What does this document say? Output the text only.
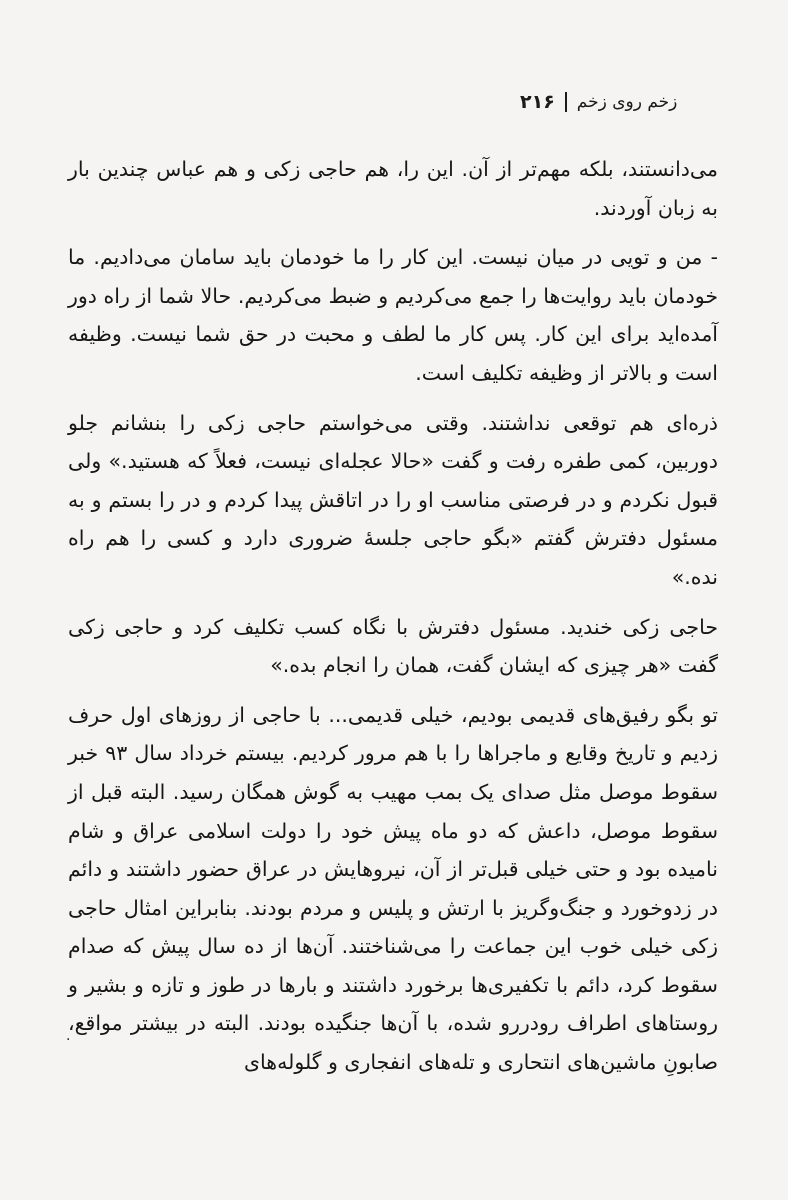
۲۱۶ زخم روی زخم

می‌دانستند، بلکه مهم‌تر از آن. این را، هم حاجی زکی و هم عباس چندین بار به زبان آوردند.

- من و تویی در میان نیست. این کار را ما خودمان باید سامان می‌دادیم. ما خودمان باید روایت‌ها را جمع می‌کردیم و ضبط می‌کردیم. حالا شما از راه دور آمده‌اید برای این کار. پس کار ما لطف و محبت در حق شما نیست. وظیفه است و بالاتر از وظیفه تکلیف است.

ذره‌ای هم توقعی نداشتند. وقتی می‌خواستم حاجی زکی را بنشانم جلو دوربین، کمی طفره رفت و گفت «حالا عجله‌ای نیست، فعلاً که هستید.» ولی قبول نکردم و در فرصتی مناسب او را در اتاقش پیدا کردم و در را بستم و به مسئول دفترش گفتم «بگو حاجی جلسهٔ ضروری دارد و کسی را هم راه نده.»

حاجی زکی خندید. مسئول دفترش با نگاه کسب تکلیف کرد و حاجی زکی گفت «هر چیزی که ایشان گفت، همان را انجام بده.»

تو بگو رفیق‌های قدیمی بودیم، خیلی قدیمی... با حاجی از روزهای اول حرف زدیم و تاریخ وقایع و ماجراها را با هم مرور کردیم. بیستم خرداد سال ۹۳ خبر سقوط موصل مثل صدای یک بمب مهیب به گوش همگان رسید. البته قبل از سقوط موصل، داعش که دو ماه پیش خود را دولت اسلامی عراق و شام نامیده بود و حتی خیلی قبل‌تر از آن، نیروهایش در عراق حضور داشتند و دائم در زدوخورد و جنگ‌وگریز با ارتش و پلیس و مردم بودند. بنابراین امثال حاجی زکی خیلی خوب این جماعت را می‌شناختند. آن‌ها از ده سال پیش که صدام سقوط کرد، دائم با تکفیری‌ها برخورد داشتند و بارها در طوز و تازه و بشیر و روستاهای اطراف رودررو شده، با آن‌ها جنگیده بودند. البته در بیشتر مواقع، صابونِ ماشین‌های انتحاری و تله‌های انفجاری و گلوله‌های

.
